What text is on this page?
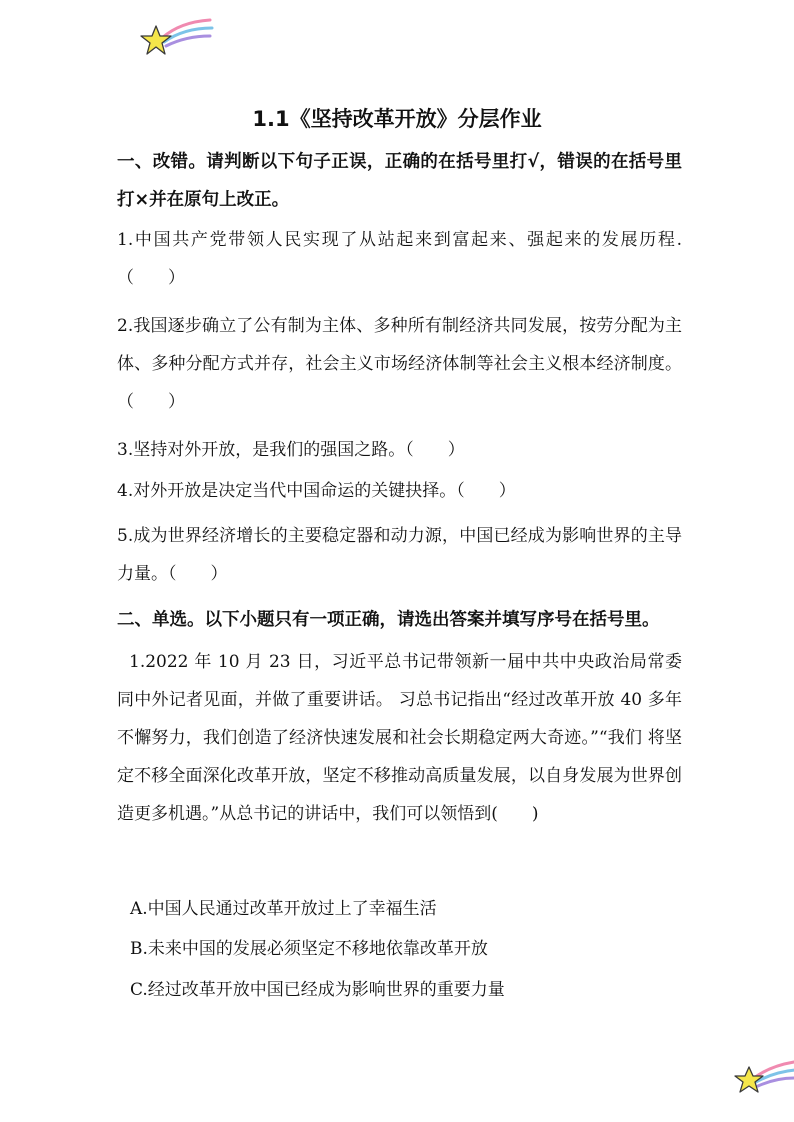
1.1《坚持改革开放》分层作业

一、改错。请判断以下句子正误，正确的在括号里打√，错误的在括号里打×并在原句上改正。

1.中国共产党带领人民实现了从站起来到富起来、强起来的发展历程.（　　）

2.我国逐步确立了公有制为主体、多种所有制经济共同发展，按劳分配为主体、多种分配方式并存，社会主义市场经济体制等社会主义根本经济制度。（　　）

3.坚持对外开放，是我们的强国之路。（　　）

4.对外开放是决定当代中国命运的关键抉择。（　　）

5.成为世界经济增长的主要稳定器和动力源，中国已经成为影响世界的主导力量。（　　）

二、单选。以下小题只有一项正确，请选出答案并填写序号在括号里。

1.2022 年 10 月 23 日，习近平总书记带领新一届中共中央政治局常委同中外记者见面，并做了重要讲话。 习总书记指出“经过改革开放 40 多年不懈努力，我们创造了经济快速发展和社会长期稳定两大奇迹。”“我们 将坚定不移全面深化改革开放，坚定不移推动高质量发展，以自身发展为世界创造更多机遇。”从总书记的讲话中，我们可以领悟到(　　)

A.中国人民通过改革开放过上了幸福生活
B.未来中国的发展必须坚定不移地依靠改革开放
C.经过改革开放中国已经成为影响世界的重要力量
